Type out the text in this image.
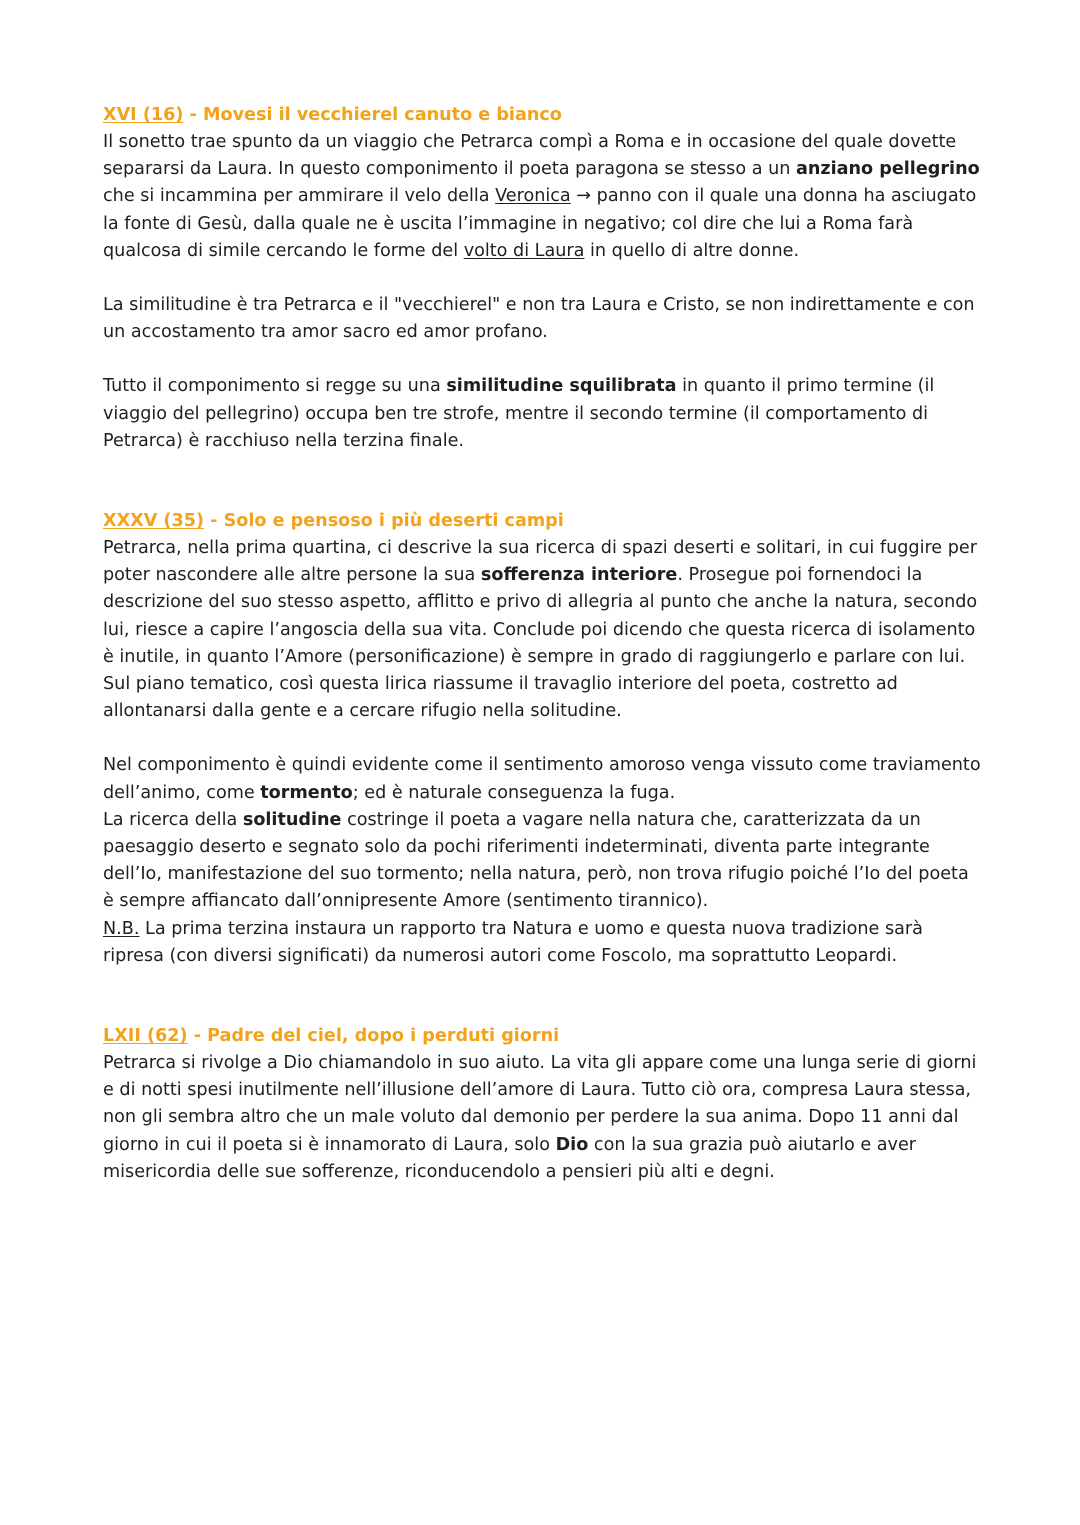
XVI (16) - Movesi il vecchierel canuto e bianco

Il sonetto trae spunto da un viaggio che Petrarca compì a Roma e in occasione del quale dovette separarsi da Laura. In questo componimento il poeta paragona se stesso a un anziano pellegrino che si incammina per ammirare il velo della Veronica → panno con il quale una donna ha asciugato la fonte di Gesù, dalla quale ne è uscita l’immagine in negativo; col dire che lui a Roma farà qualcosa di simile cercando le forme del volto di Laura in quello di altre donne.

La similitudine è tra Petrarca e il "vecchierel" e non tra Laura e Cristo, se non indirettamente e con un accostamento tra amor sacro ed amor profano.

Tutto il componimento si regge su una similitudine squilibrata in quanto il primo termine (il viaggio del pellegrino) occupa ben tre strofe, mentre il secondo termine (il comportamento di Petrarca) è racchiuso nella terzina finale.

XXXV (35) - Solo e pensoso i più deserti campi

Petrarca, nella prima quartina, ci descrive la sua ricerca di spazi deserti e solitari, in cui fuggire per poter nascondere alle altre persone la sua sofferenza interiore. Prosegue poi fornendoci la descrizione del suo stesso aspetto, afflitto e privo di allegria al punto che anche la natura, secondo lui, riesce a capire l’angoscia della sua vita. Conclude poi dicendo che questa ricerca di isolamento è inutile, in quanto l’Amore (personificazione) è sempre in grado di raggiungerlo e parlare con lui. Sul piano tematico, così questa lirica riassume il travaglio interiore del poeta, costretto ad allontanarsi dalla gente e a cercare rifugio nella solitudine.

Nel componimento è quindi evidente come il sentimento amoroso venga vissuto come traviamento dell’animo, come tormento; ed è naturale conseguenza la fuga.

La ricerca della solitudine costringe il poeta a vagare nella natura che, caratterizzata da un paesaggio deserto e segnato solo da pochi riferimenti indeterminati, diventa parte integrante dell’Io, manifestazione del suo tormento; nella natura, però, non trova rifugio poiché l’Io del poeta è sempre affiancato dall’onnipresente Amore (sentimento tirannico).

N.B. La prima terzina instaura un rapporto tra Natura e uomo e questa nuova tradizione sarà ripresa (con diversi significati) da numerosi autori come Foscolo, ma soprattutto Leopardi.

LXII (62) - Padre del ciel, dopo i perduti giorni

Petrarca si rivolge a Dio chiamandolo in suo aiuto. La vita gli appare come una lunga serie di giorni e di notti spesi inutilmente nell’illusione dell’amore di Laura. Tutto ciò ora, compresa Laura stessa, non gli sembra altro che un male voluto dal demonio per perdere la sua anima. Dopo 11 anni dal giorno in cui il poeta si è innamorato di Laura, solo Dio con la sua grazia può aiutarlo e aver misericordia delle sue sofferenze, riconducendolo a pensieri più alti e degni.
